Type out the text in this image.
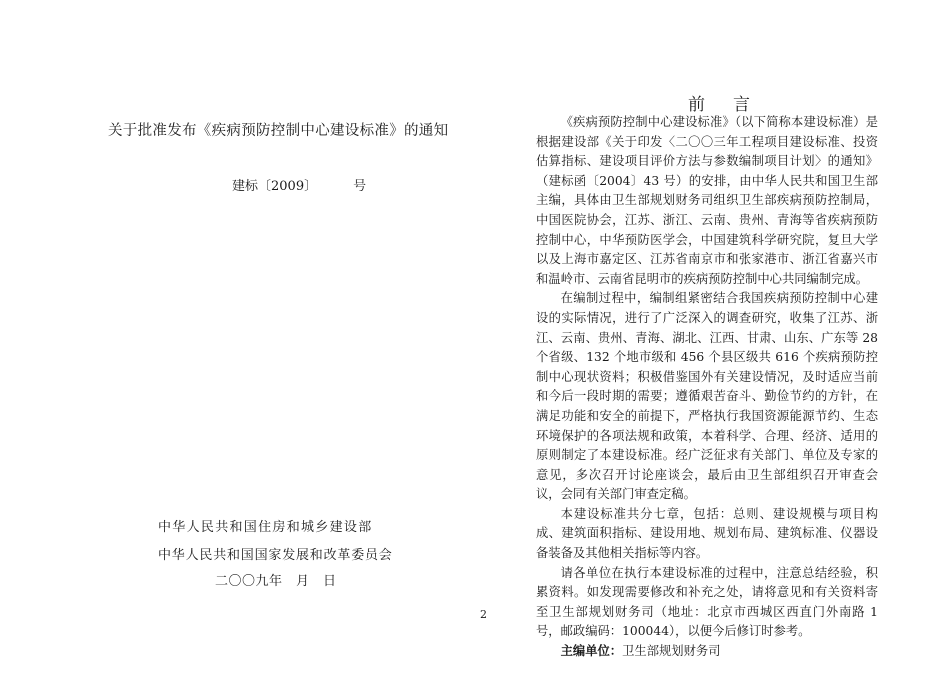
关于批准发布《疾病预防控制中心建设标准》的通知
建标〔2009〕	号
中华人民共和国住房和城乡建设部
中华人民共和国国家发展和改革委员会
二〇〇九年　月　日
前 言

《疾病预防控制中心建设标准》（以下简称本建设标准）是根据建设部《关于印发〈二〇〇三年工程项目建设标准、投资估算指标、建设项目评价方法与参数编制项目计划〉的通知》（建标函〔2004〕43 号）的安排，由中华人民共和国卫生部主编，具体由卫生部规划财务司组织卫生部疾病预防控制局，中国医院协会，江苏、浙江、云南、贵州、青海等省疾病预防控制中心，中华预防医学会，中国建筑科学研究院，复旦大学以及上海市嘉定区、江苏省南京市和张家港市、浙江省嘉兴市和温岭市、云南省昆明市的疾病预防控制中心共同编制完成。

在编制过程中，编制组紧密结合我国疾病预防控制中心建设的实际情况，进行了广泛深入的调查研究，收集了江苏、浙江、云南、贵州、青海、湖北、江西、甘肃、山东、广东等 28 个省级、132 个地市级和 456 个县区级共 616 个疾病预防控制中心现状资料；积极借鉴国外有关建设情况，及时适应当前和今后一段时期的需要；遵循艰苦奋斗、勤俭节约的方针，在满足功能和安全的前提下，严格执行我国资源能源节约、生态环境保护的各项法规和政策，本着科学、合理、经济、适用的原则制定了本建设标准。经广泛征求有关部门、单位及专家的意见，多次召开讨论座谈会，最后由卫生部组织召开审查会议，会同有关部门审查定稿。

本建设标准共分七章，包括：总则、建设规模与项目构成、建筑面积指标、建设用地、规划布局、建筑标准、仪器设备装备及其他相关指标等内容。

请各单位在执行本建设标准的过程中，注意总结经验，积累资料。如发现需要修改和补充之处，请将意见和有关资料寄至卫生部规划财务司（地址：北京市西城区西直门外南路 1 号，邮政编码：100044），以便今后修订时参考。

主编单位：卫生部规划财务司

2
